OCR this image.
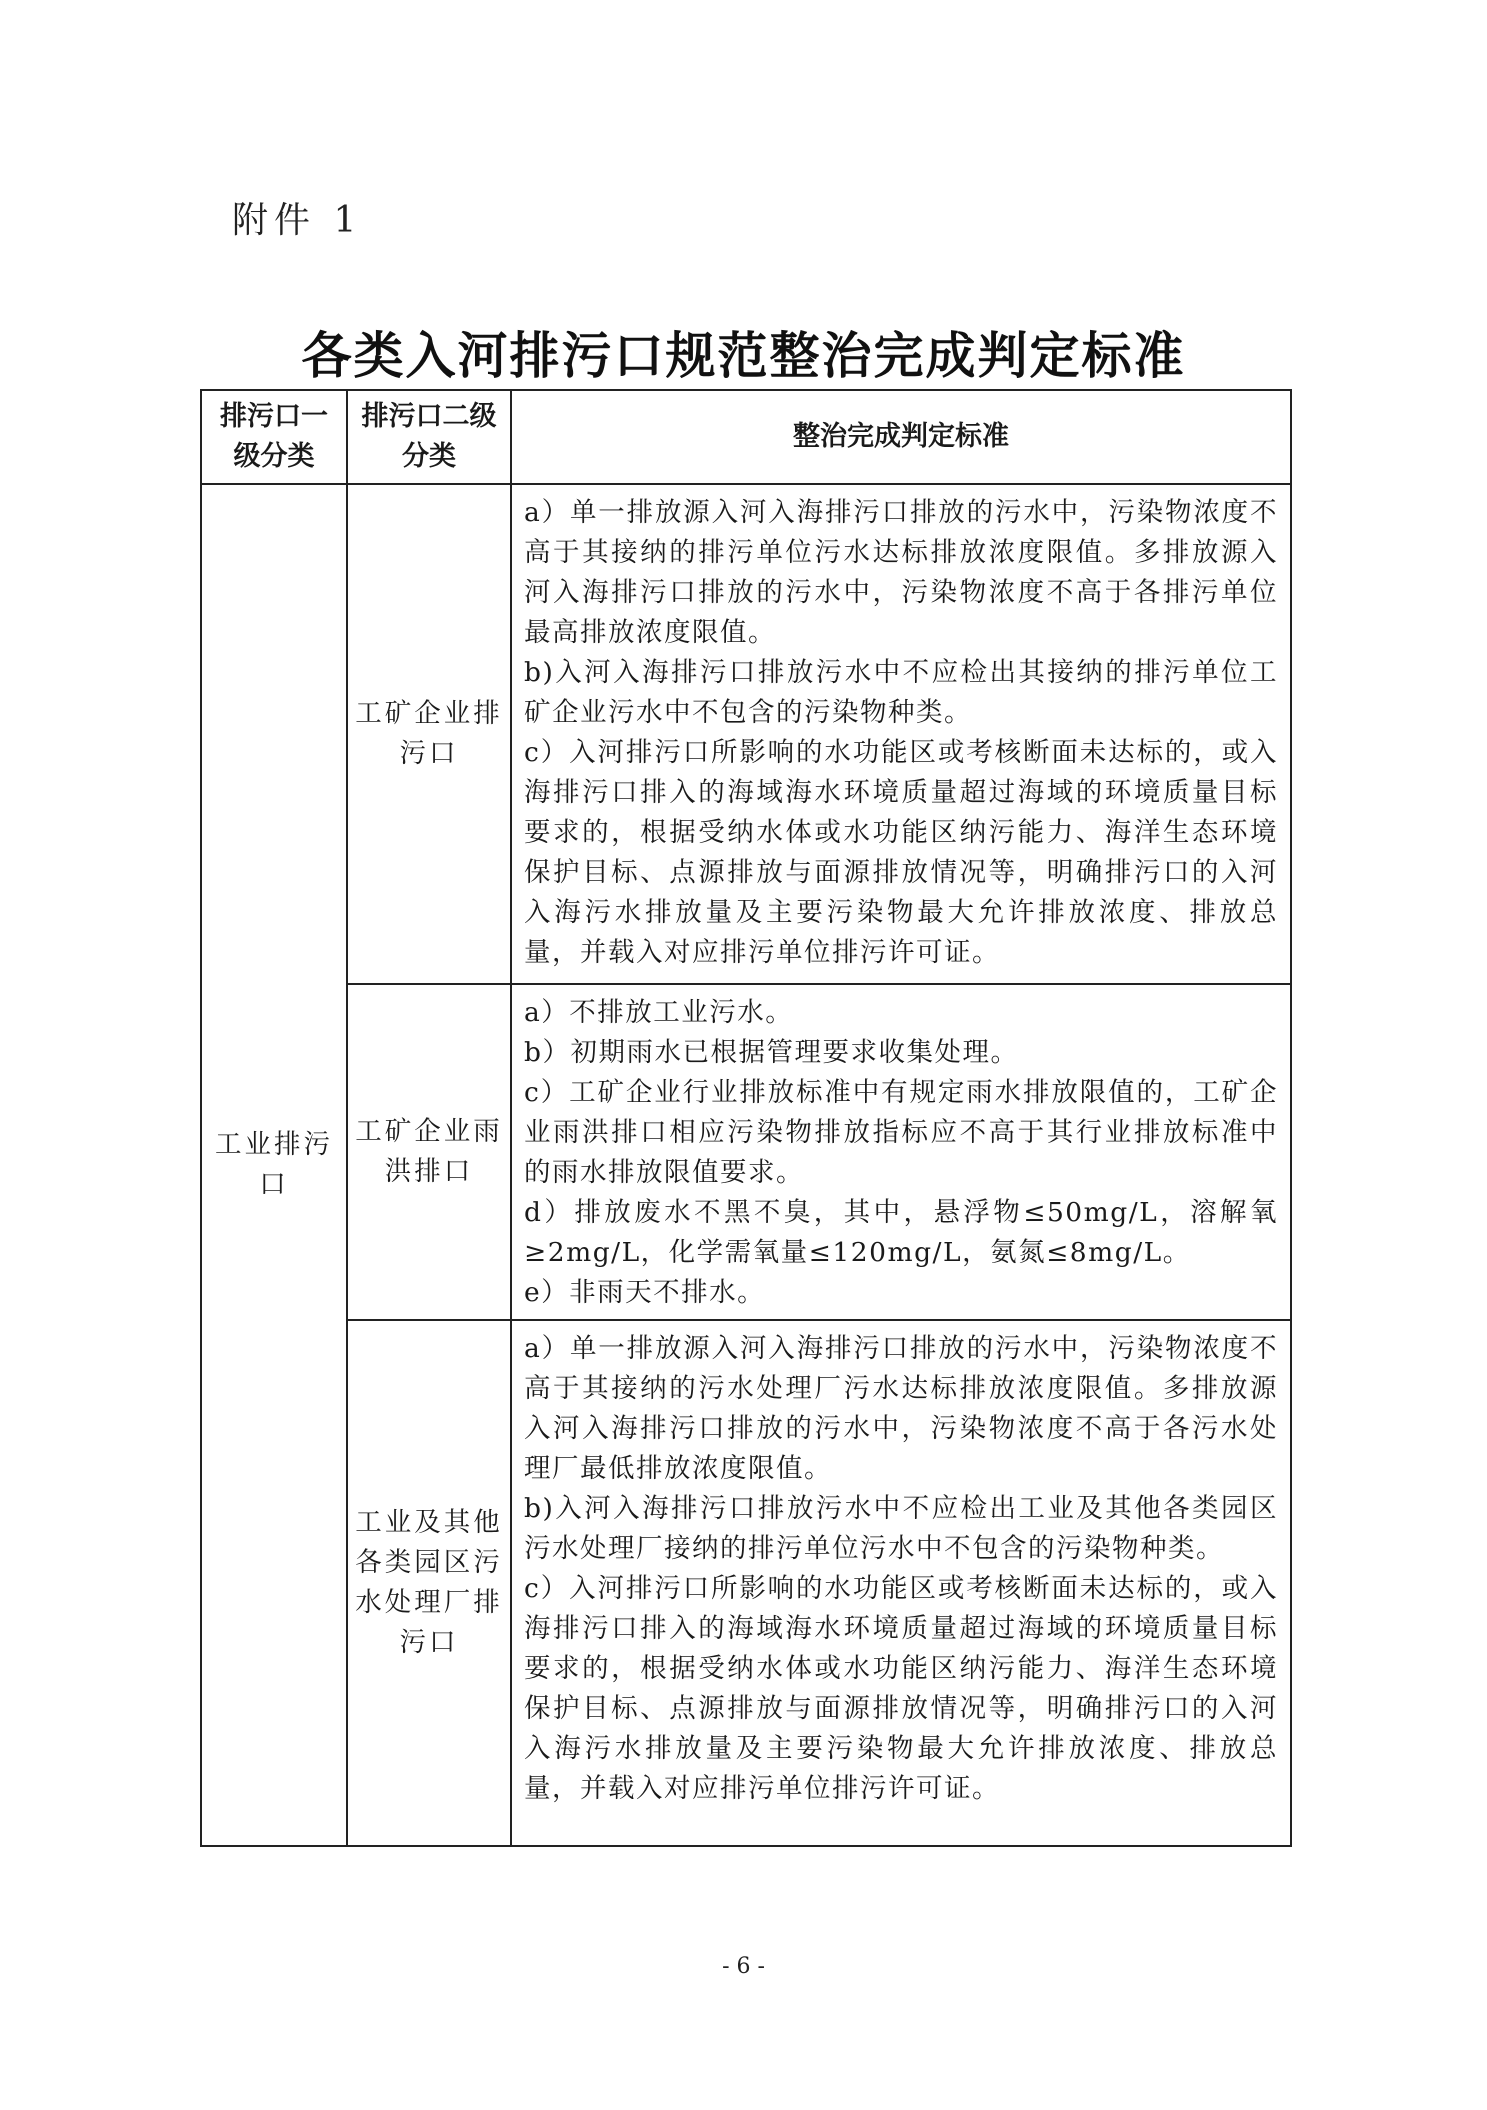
附件 1
各类入河排污口规范整治完成判定标准
排污口一级分类	排污口二级分类	整治完成判定标准
工业排污口	工矿企业排污口	a）单一排放源入河入海排污口排放的污水中，污染物浓度不高于其接纳的排污单位污水达标排放浓度限值。多排放源入河入海排污口排放的污水中，污染物浓度不高于各排污单位最高排放浓度限值。
b)入河入海排污口排放污水中不应检出其接纳的排污单位工矿企业污水中不包含的污染物种类。
c）入河排污口所影响的水功能区或考核断面未达标的，或入海排污口排入的海域海水环境质量超过海域的环境质量目标要求的，根据受纳水体或水功能区纳污能力、海洋生态环境保护目标、点源排放与面源排放情况等，明确排污口的入河入海污水排放量及主要污染物最大允许排放浓度、排放总量，并载入对应排污单位排污许可证。

	工矿企业雨洪排口	a）不排放工业污水。
b）初期雨水已根据管理要求收集处理。
c）工矿企业行业排放标准中有规定雨水排放限值的，工矿企业雨洪排口相应污染物排放指标应不高于其行业排放标准中的雨水排放限值要求。
d）排放废水不黑不臭，其中，悬浮物≤50mg/L，溶解氧≥2mg/L，化学需氧量≤120mg/L，氨氮≤8mg/L。
e）非雨天不排水。

	工业及其他各类园区污水处理厂排污口	a）单一排放源入河入海排污口排放的污水中，污染物浓度不高于其接纳的污水处理厂污水达标排放浓度限值。多排放源入河入海排污口排放的污水中，污染物浓度不高于各污水处理厂最低排放浓度限值。
b)入河入海排污口排放污水中不应检出工业及其他各类园区污水处理厂接纳的排污单位污水中不包含的污染物种类。
c）入河排污口所影响的水功能区或考核断面未达标的，或入海排污口排入的海域海水环境质量超过海域的环境质量目标要求的，根据受纳水体或水功能区纳污能力、海洋生态环境保护目标、点源排放与面源排放情况等，明确排污口的入河入海污水排放量及主要污染物最大允许排放浓度、排放总量，并载入对应排污单位排污许可证。
- 6 -
